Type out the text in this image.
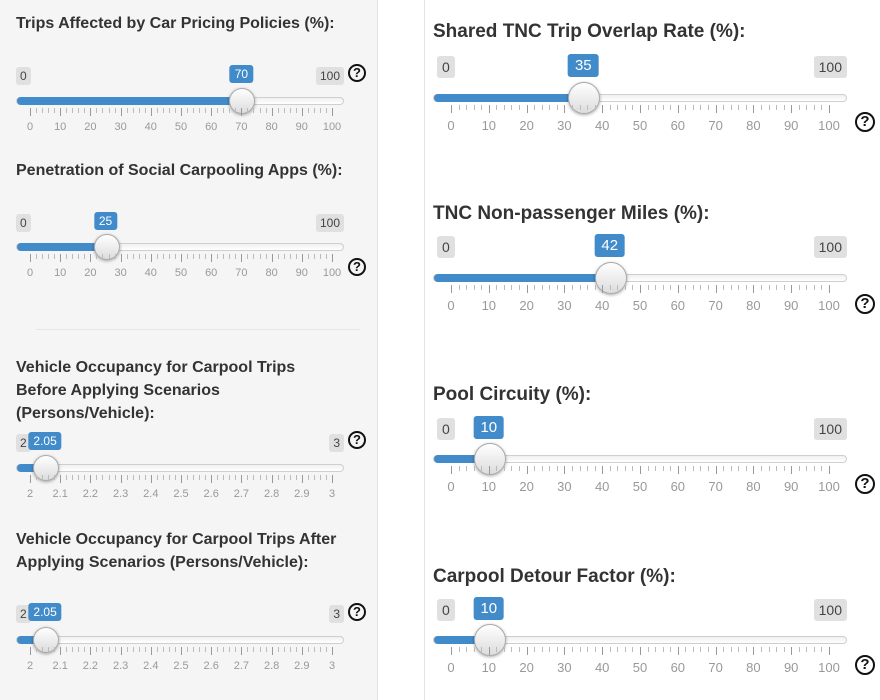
Trips Affected by Car Pricing Policies (%):
0	100
70
0 10 20 30 40 50 60 70 80 90 100
?
Penetration of Social Carpooling Apps (%):
0	100
25
0 10 20 30 40 50 60 70 80 90 100 ?
Vehicle Occupancy for Carpool Trips Before Applying Scenarios (Persons/Vehicle):
2	3
2.05
2 2.1 2.2 2.3 2.4 2.5 2.6 2.7 2.8 2.9 3
?
Vehicle Occupancy for Carpool Trips After Applying Scenarios (Persons/Vehicle):
2	3
2.05
2 2.1 2.2 2.3 2.4 2.5 2.6 2.7 2.8 2.9 3
?
Shared TNC Trip Overlap Rate (%):
0	100
35
0 10 20 30 40 50 60 70 80 90 100	?
TNC Non-passenger Miles (%):
0	100
42
0 10 20 30 40 50 60 70 80 90 100	?
Pool Circuity (%):
0	100
10
0 10 20 30 40 50 60 70 80 90 100	?
Carpool Detour Factor (%):
0	100
10
0 10 20 30 40 50 60 70 80 90 100	?
